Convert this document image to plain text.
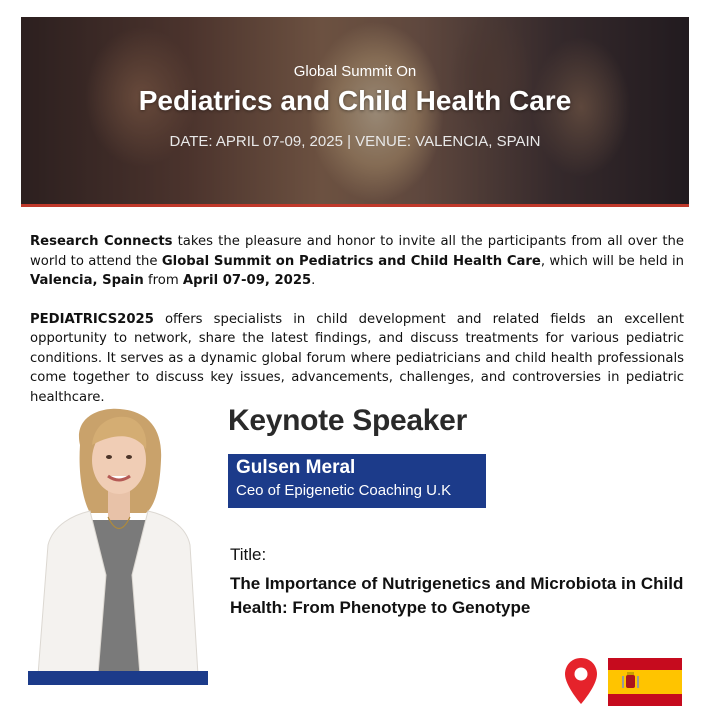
Global Summit On
Pediatrics and Child Health Care
DATE: APRIL 07-09, 2025 | VENUE: VALENCIA, SPAIN

Research Connects takes the pleasure and honor to invite all the participants from all over the world to attend the Global Summit on Pediatrics and Child Health Care, which will be held in Valencia, Spain from April 07-09, 2025.

PEDIATRICS2025 offers specialists in child development and related fields an excellent opportunity to network, share the latest findings, and discuss treatments for various pediatric conditions. It serves as a dynamic global forum where pediatricians and child health professionals come together to discuss key issues, advancements, challenges, and controversies in pediatric healthcare.

Keynote Speaker
Gulsen Meral
Ceo of Epigenetic Coaching U.K
Title:
The Importance of Nutrigenetics and Microbiota in Child Health: From Phenotype to Genotype
